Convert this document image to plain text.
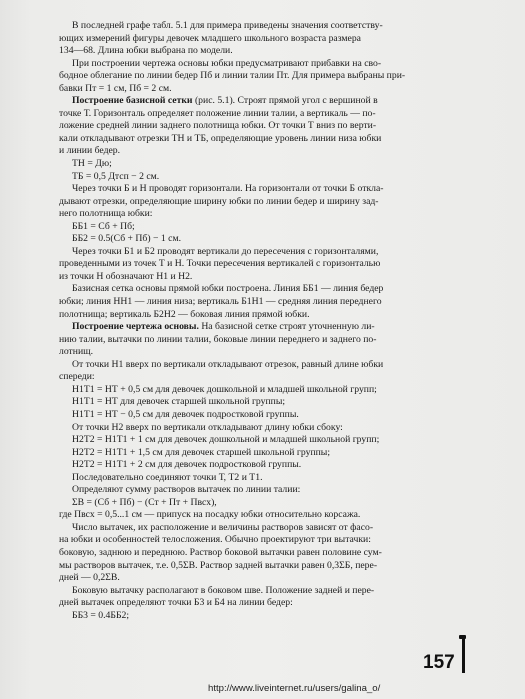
В последней графе табл. 5.1 для примера приведены значения соответству-

ющих измерений фигуры девочек младшего школьного возраста размера

134—68. Длина юбки выбрана по модели.

При построении чертежа основы юбки предусматривают прибавки на сво-

бодное облегание по линии бедер Пб и линии талии Пт. Для примера выбраны при-

бавки Пт = 1 см, Пб = 2 см.

Построение базисной сетки (рис. 5.1). Строят прямой угол с вершиной в

точке Т. Горизонталь определяет положение линии талии, а вертикаль — по-

ложение средней линии заднего полотнища юбки. От точки Т вниз по верти-

кали откладывают отрезки ТН и ТБ, определяющие уровень линии низа юбки

и линии бедер.

ТН = Дю;

ТБ = 0,5 Дтсп − 2 см.

Через точки Б и Н проводят горизонтали. На горизонтали от точки Б откла-

дывают отрезки, определяющие ширину юбки по линии бедер и ширину зад-

него полотнища юбки:

ББ1 = Сб + Пб;

ББ2 = 0.5(Сб + Пб) − 1 см.

Через точки Б1 и Б2 проводят вертикали до пересечения с горизонталями,

проведенными из точек Т и Н. Точки пересечения вертикалей с горизонталью

из точки Н обозначают Н1 и Н2.

Базисная сетка основы прямой юбки построена. Линия ББ1 — линия бедер

юбки; линия НН1 — линия низа; вертикаль Б1Н1 — средняя линия переднего

полотнища; вертикаль Б2Н2 — боковая линия прямой юбки.

Построение чертежа основы. На базисной сетке строят уточненную ли-

нию талии, вытачки по линии талии, боковые линии переднего и заднего по-

лотнищ.

От точки Н1 вверх по вертикали откладывают отрезок, равный длине юбки

спереди:

Н1Т1 = НТ + 0,5 см для девочек дошкольной и младшей школьной групп;

Н1Т1 = НТ для девочек старшей школьной группы;

Н1Т1 = НТ − 0,5 см для девочек подростковой группы.

От точки Н2 вверх по вертикали откладывают длину юбки сбоку:

Н2Т2 = Н1Т1 + 1 см для девочек дошкольной и младшей школьной групп;

Н2Т2 = Н1Т1 + 1,5 см для девочек старшей школьной группы;

Н2Т2 = Н1Т1 + 2 см для девочек подростковой группы.

Последовательно соединяют точки Т, Т2 и Т1.

Определяют сумму растворов вытачек по линии талии:

ΣВ = (Сб + Пб) − (Ст + Пт + Пвсх),

где Пвсх = 0,5...1 см — припуск на посадку юбки относительно корсажа.

Число вытачек, их расположение и величины растворов зависят от фасо-

на юбки и особенностей телосложения. Обычно проектируют три вытачки:

боковую, заднюю и переднюю. Раствор боковой вытачки равен половине сум-

мы растворов вытачек, т.е. 0,5ΣВ. Раствор задней вытачки равен 0,3ΣБ, пере-

дней — 0,2ΣВ.

Боковую вытачку располагают в боковом шве. Положение задней и пере-

дней вытачек определяют точки Б3 и Б4 на линии бедер:

ББ3 = 0.4ББ2;

157
http://www.liveinternet.ru/users/galina_o/
